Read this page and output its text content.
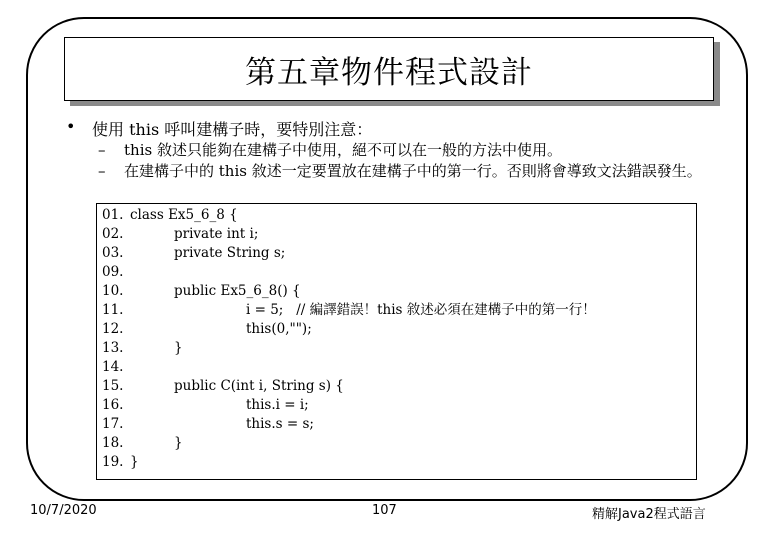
第五章物件程式設計
•	使用 this 呼叫建構子時，要特別注意：
–	this 敘述只能夠在建構子中使用，絕不可以在一般的方法中使用。
–	在建構子中的 this 敘述一定要置放在建構子中的第一行。否則將會導致文法錯誤發生。
01. class Ex5_6_8 {
02.	private int i;
03.	private String s;
09.
10.	public Ex5_6_8() {
11.	i = 5;   // 編譯錯誤！this 敘述必須在建構子中的第一行！
12.	this(0,"");
13.	}
14.
15.	public C(int i, String s) {
16.	this.i = i;
17.	this.s = s;
18.	}
19. }
10/7/2020	107	精解Java2程式語言
